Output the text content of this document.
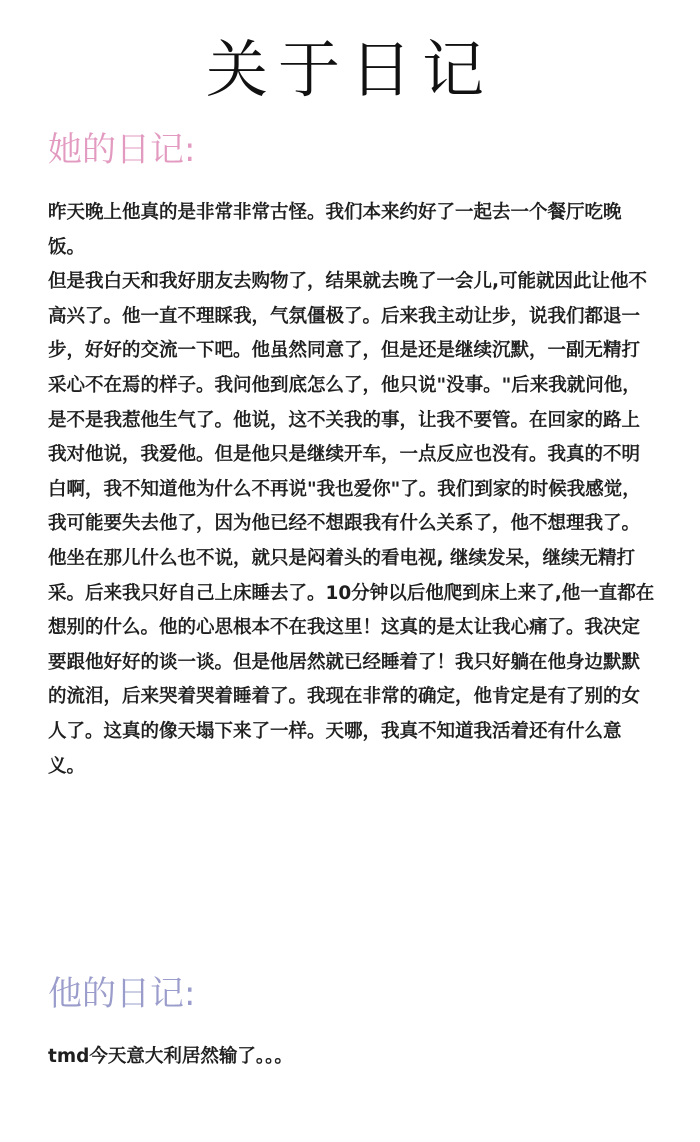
关于日记
她的日记:

昨天晚上他真的是非常非常古怪。我们本来约好了一起去一个餐厅吃晚饭。

但是我白天和我好朋友去购物了，结果就去晚了一会儿,可能就因此让他不高兴了。他一直不理睬我，气氛僵极了。后来我主动让步，说我们都退一步，好好的交流一下吧。他虽然同意了，但是还是继续沉默，一副无精打采心不在焉的样子。我问他到底怎么了，他只说"没事。"后来我就问他，是不是我惹他生气了。他说，这不关我的事，让我不要管。在回家的路上我对他说，我爱他。但是他只是继续开车，一点反应也没有。我真的不明白啊，我不知道他为什么不再说"我也爱你"了。我们到家的时候我感觉，我可能要失去他了，因为他已经不想跟我有什么关系了，他不想理我了。他坐在那儿什么也不说，就只是闷着头的看电视, 继续发呆，继续无精打采。后来我只好自己上床睡去了。10分钟以后他爬到床上来了,他一直都在想别的什么。他的心思根本不在我这里！这真的是太让我心痛了。我决定要跟他好好的谈一谈。但是他居然就已经睡着了！我只好躺在他身边默默的流泪，后来哭着哭着睡着了。我现在非常的确定，他肯定是有了别的女人了。这真的像天塌下来了一样。天哪，我真不知道我活着还有什么意义。

他的日记:
tmd今天意大利居然输了。。。
